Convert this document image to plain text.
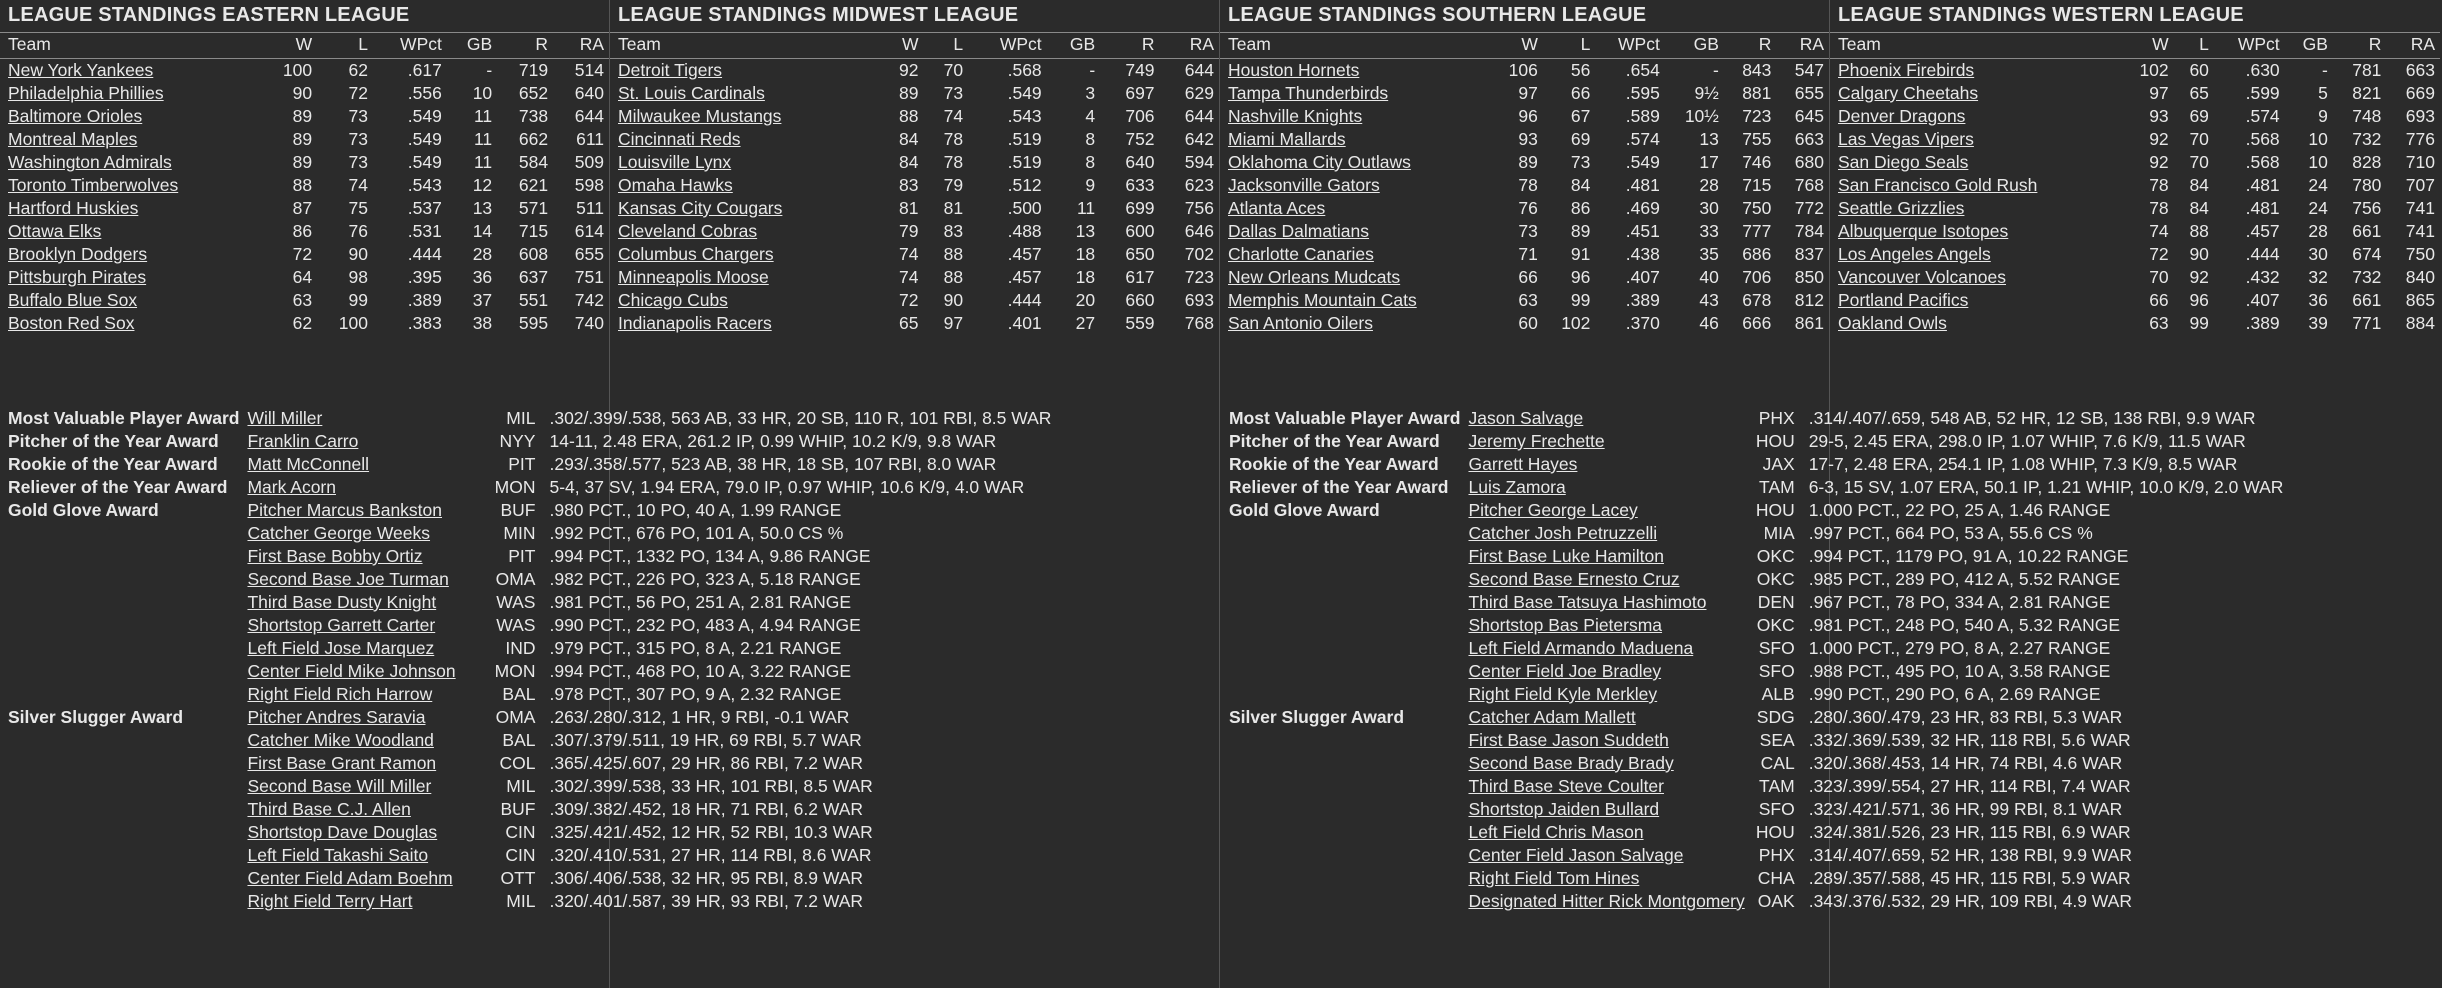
LEAGUE STANDINGS EASTERN LEAGUE
Team	W	L	WPct	GB	R	RA
New York Yankees	100	62	.617	-	719	514
Philadelphia Phillies	90	72	.556	10	652	640
Baltimore Orioles	89	73	.549	11	738	644
Montreal Maples	89	73	.549	11	662	611
Washington Admirals	89	73	.549	11	584	509
Toronto Timberwolves	88	74	.543	12	621	598
Hartford Huskies	87	75	.537	13	571	511
Ottawa Elks	86	76	.531	14	715	614
Brooklyn Dodgers	72	90	.444	28	608	655
Pittsburgh Pirates	64	98	.395	36	637	751
Buffalo Blue Sox	63	99	.389	37	551	742
Boston Red Sox	62	100	.383	38	595	740
LEAGUE STANDINGS MIDWEST LEAGUE
Team	W	L	WPct	GB	R	RA
Detroit Tigers	92	70	.568	-	749	644
St. Louis Cardinals	89	73	.549	3	697	629
Milwaukee Mustangs	88	74	.543	4	706	644
Cincinnati Reds	84	78	.519	8	752	642
Louisville Lynx	84	78	.519	8	640	594
Omaha Hawks	83	79	.512	9	633	623
Kansas City Cougars	81	81	.500	11	699	756
Cleveland Cobras	79	83	.488	13	600	646
Columbus Chargers	74	88	.457	18	650	702
Minneapolis Moose	74	88	.457	18	617	723
Chicago Cubs	72	90	.444	20	660	693
Indianapolis Racers	65	97	.401	27	559	768
LEAGUE STANDINGS SOUTHERN LEAGUE
Team	W	L	WPct	GB	R	RA
Houston Hornets	106	56	.654	-	843	547
Tampa Thunderbirds	97	66	.595	9½	881	655
Nashville Knights	96	67	.589	10½	723	645
Miami Mallards	93	69	.574	13	755	663
Oklahoma City Outlaws	89	73	.549	17	746	680
Jacksonville Gators	78	84	.481	28	715	768
Atlanta Aces	76	86	.469	30	750	772
Dallas Dalmatians	73	89	.451	33	777	784
Charlotte Canaries	71	91	.438	35	686	837
New Orleans Mudcats	66	96	.407	40	706	850
Memphis Mountain Cats	63	99	.389	43	678	812
San Antonio Oilers	60	102	.370	46	666	861
LEAGUE STANDINGS WESTERN LEAGUE
Team	W	L	WPct	GB	R	RA
Phoenix Firebirds	102	60	.630	-	781	663
Calgary Cheetahs	97	65	.599	5	821	669
Denver Dragons	93	69	.574	9	748	693
Las Vegas Vipers	92	70	.568	10	732	776
San Diego Seals	92	70	.568	10	828	710
San Francisco Gold Rush	78	84	.481	24	780	707
Seattle Grizzlies	78	84	.481	24	756	741
Albuquerque Isotopes	74	88	.457	28	661	741
Los Angeles Angels	72	90	.444	30	674	750
Vancouver Volcanoes	70	92	.432	32	732	840
Portland Pacifics	66	96	.407	36	661	865
Oakland Owls	63	99	.389	39	771	884
Most Valuable Player Award	Will Miller	MIL	.302/.399/.538, 563 AB, 33 HR, 20 SB, 110 R, 101 RBI, 8.5 WAR
Pitcher of the Year Award	Franklin Carro	NYY	14-11, 2.48 ERA, 261.2 IP, 0.99 WHIP, 10.2 K/9, 9.8 WAR
Rookie of the Year Award	Matt McConnell	PIT	.293/.358/.577, 523 AB, 38 HR, 18 SB, 107 RBI, 8.0 WAR
Reliever of the Year Award	Mark Acorn	MON	5-4, 37 SV, 1.94 ERA, 79.0 IP, 0.97 WHIP, 10.6 K/9, 4.0 WAR
Gold Glove Award	Pitcher Marcus Bankston	BUF	.980 PCT., 10 PO, 40 A, 1.99 RANGE
	Catcher George Weeks	MIN	.992 PCT., 676 PO, 101 A, 50.0 CS %
	First Base Bobby Ortiz	PIT	.994 PCT., 1332 PO, 134 A, 9.86 RANGE
	Second Base Joe Turman	OMA	.982 PCT., 226 PO, 323 A, 5.18 RANGE
	Third Base Dusty Knight	WAS	.981 PCT., 56 PO, 251 A, 2.81 RANGE
	Shortstop Garrett Carter	WAS	.990 PCT., 232 PO, 483 A, 4.94 RANGE
	Left Field Jose Marquez	IND	.979 PCT., 315 PO, 8 A, 2.21 RANGE
	Center Field Mike Johnson	MON	.994 PCT., 468 PO, 10 A, 3.22 RANGE
	Right Field Rich Harrow	BAL	.978 PCT., 307 PO, 9 A, 2.32 RANGE
Silver Slugger Award	Pitcher Andres Saravia	OMA	.263/.280/.312, 1 HR, 9 RBI, -0.1 WAR
	Catcher Mike Woodland	BAL	.307/.379/.511, 19 HR, 69 RBI, 5.7 WAR
	First Base Grant Ramon	COL	.365/.425/.607, 29 HR, 86 RBI, 7.2 WAR
	Second Base Will Miller	MIL	.302/.399/.538, 33 HR, 101 RBI, 8.5 WAR
	Third Base C.J. Allen	BUF	.309/.382/.452, 18 HR, 71 RBI, 6.2 WAR
	Shortstop Dave Douglas	CIN	.325/.421/.452, 12 HR, 52 RBI, 10.3 WAR
	Left Field Takashi Saito	CIN	.320/.410/.531, 27 HR, 114 RBI, 8.6 WAR
	Center Field Adam Boehm	OTT	.306/.406/.538, 32 HR, 95 RBI, 8.9 WAR
	Right Field Terry Hart	MIL	.320/.401/.587, 39 HR, 93 RBI, 7.2 WAR
Most Valuable Player Award	Jason Salvage	PHX	.314/.407/.659, 548 AB, 52 HR, 12 SB, 138 RBI, 9.9 WAR
Pitcher of the Year Award	Jeremy Frechette	HOU	29-5, 2.45 ERA, 298.0 IP, 1.07 WHIP, 7.6 K/9, 11.5 WAR
Rookie of the Year Award	Garrett Hayes	JAX	17-7, 2.48 ERA, 254.1 IP, 1.08 WHIP, 7.3 K/9, 8.5 WAR
Reliever of the Year Award	Luis Zamora	TAM	6-3, 15 SV, 1.07 ERA, 50.1 IP, 1.21 WHIP, 10.0 K/9, 2.0 WAR
Gold Glove Award	Pitcher George Lacey	HOU	1.000 PCT., 22 PO, 25 A, 1.46 RANGE
	Catcher Josh Petruzzelli	MIA	.997 PCT., 664 PO, 53 A, 55.6 CS %
	First Base Luke Hamilton	OKC	.994 PCT., 1179 PO, 91 A, 10.22 RANGE
	Second Base Ernesto Cruz	OKC	.985 PCT., 289 PO, 412 A, 5.52 RANGE
	Third Base Tatsuya Hashimoto	DEN	.967 PCT., 78 PO, 334 A, 2.81 RANGE
	Shortstop Bas Pietersma	OKC	.981 PCT., 248 PO, 540 A, 5.32 RANGE
	Left Field Armando Maduena	SFO	1.000 PCT., 279 PO, 8 A, 2.27 RANGE
	Center Field Joe Bradley	SFO	.988 PCT., 495 PO, 10 A, 3.58 RANGE
	Right Field Kyle Merkley	ALB	.990 PCT., 290 PO, 6 A, 2.69 RANGE
Silver Slugger Award	Catcher Adam Mallett	SDG	.280/.360/.479, 23 HR, 83 RBI, 5.3 WAR
	First Base Jason Suddeth	SEA	.332/.369/.539, 32 HR, 118 RBI, 5.6 WAR
	Second Base Brady Brady	CAL	.320/.368/.453, 14 HR, 74 RBI, 4.6 WAR
	Third Base Steve Coulter	TAM	.323/.399/.554, 27 HR, 114 RBI, 7.4 WAR
	Shortstop Jaiden Bullard	SFO	.323/.421/.571, 36 HR, 99 RBI, 8.1 WAR
	Left Field Chris Mason	HOU	.324/.381/.526, 23 HR, 115 RBI, 6.9 WAR
	Center Field Jason Salvage	PHX	.314/.407/.659, 52 HR, 138 RBI, 9.9 WAR
	Right Field Tom Hines	CHA	.289/.357/.588, 45 HR, 115 RBI, 5.9 WAR
	Designated Hitter Rick Montgomery	OAK	.343/.376/.532, 29 HR, 109 RBI, 4.9 WAR
